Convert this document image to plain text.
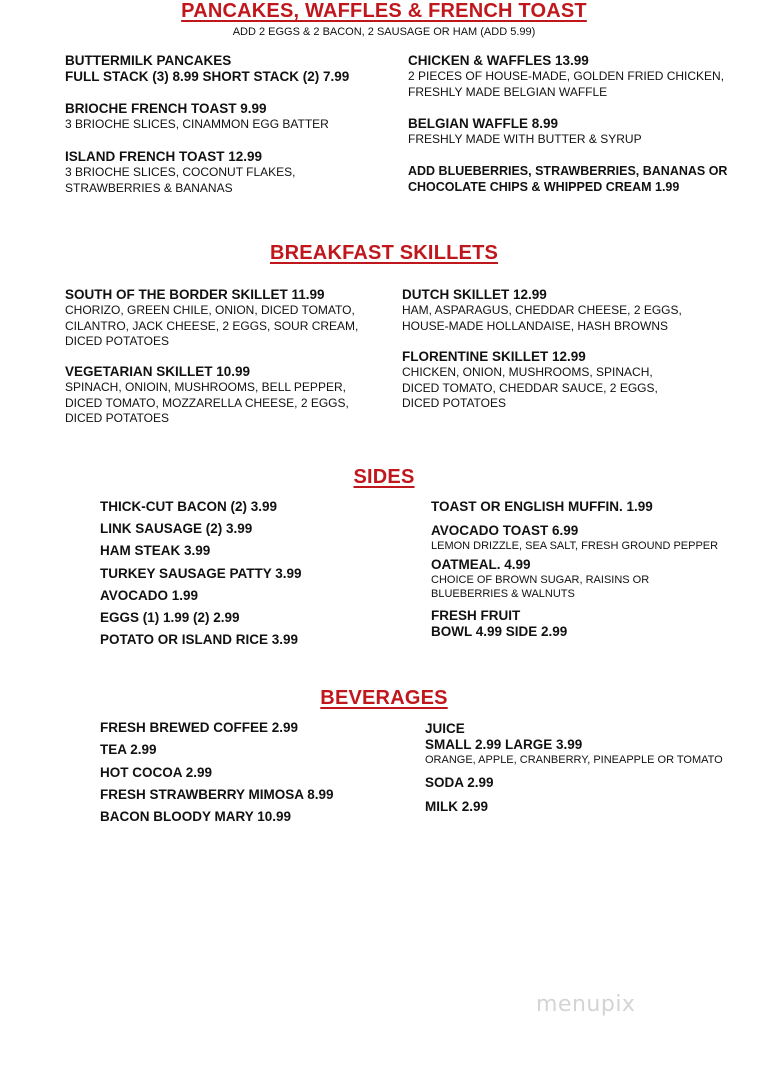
PANCAKES, WAFFLES & FRENCH TOAST
ADD 2 EGGS & 2 BACON, 2 SAUSAGE OR HAM (ADD 5.99)
BUTTERMILK PANCAKES
FULL STACK (3) 8.99 SHORT STACK (2) 7.99
BRIOCHE FRENCH TOAST 9.99
3 BRIOCHE SLICES, CINAMMON EGG BATTER
ISLAND FRENCH TOAST 12.99
3 BRIOCHE SLICES, COCONUT FLAKES,
STRAWBERRIES & BANANAS
CHICKEN & WAFFLES 13.99
2 PIECES OF HOUSE-MADE, GOLDEN FRIED CHICKEN,
FRESHLY MADE BELGIAN WAFFLE
BELGIAN WAFFLE 8.99
FRESHLY MADE WITH BUTTER & SYRUP
ADD BLUEBERRIES, STRAWBERRIES, BANANAS OR
CHOCOLATE CHIPS & WHIPPED CREAM 1.99
BREAKFAST SKILLETS
SOUTH OF THE BORDER SKILLET 11.99
CHORIZO, GREEN CHILE, ONION, DICED TOMATO,
CILANTRO, JACK CHEESE, 2 EGGS, SOUR CREAM,
DICED POTATOES
VEGETARIAN SKILLET 10.99
SPINACH, ONIOIN, MUSHROOMS, BELL PEPPER,
DICED TOMATO, MOZZARELLA CHEESE, 2 EGGS,
DICED POTATOES
DUTCH SKILLET 12.99
HAM, ASPARAGUS, CHEDDAR CHEESE, 2 EGGS,
HOUSE-MADE HOLLANDAISE, HASH BROWNS
FLORENTINE SKILLET 12.99
CHICKEN, ONION, MUSHROOMS, SPINACH,
DICED TOMATO, CHEDDAR SAUCE, 2 EGGS,
DICED POTATOES
SIDES
THICK-CUT BACON (2) 3.99
LINK SAUSAGE (2) 3.99
HAM STEAK 3.99
TURKEY SAUSAGE PATTY 3.99
AVOCADO 1.99
EGGS (1) 1.99 (2) 2.99
POTATO OR ISLAND RICE 3.99
TOAST OR ENGLISH MUFFIN. 1.99
AVOCADO TOAST 6.99
LEMON DRIZZLE, SEA SALT, FRESH GROUND PEPPER
OATMEAL. 4.99
CHOICE OF BROWN SUGAR, RAISINS OR
BLUEBERRIES & WALNUTS
FRESH FRUIT
BOWL 4.99 SIDE 2.99
BEVERAGES
FRESH BREWED COFFEE 2.99
TEA 2.99
HOT COCOA 2.99
FRESH STRAWBERRY MIMOSA 8.99
BACON BLOODY MARY 10.99
JUICE
SMALL 2.99 LARGE 3.99
ORANGE, APPLE, CRANBERRY, PINEAPPLE OR TOMATO
SODA 2.99
MILK 2.99
menupix
